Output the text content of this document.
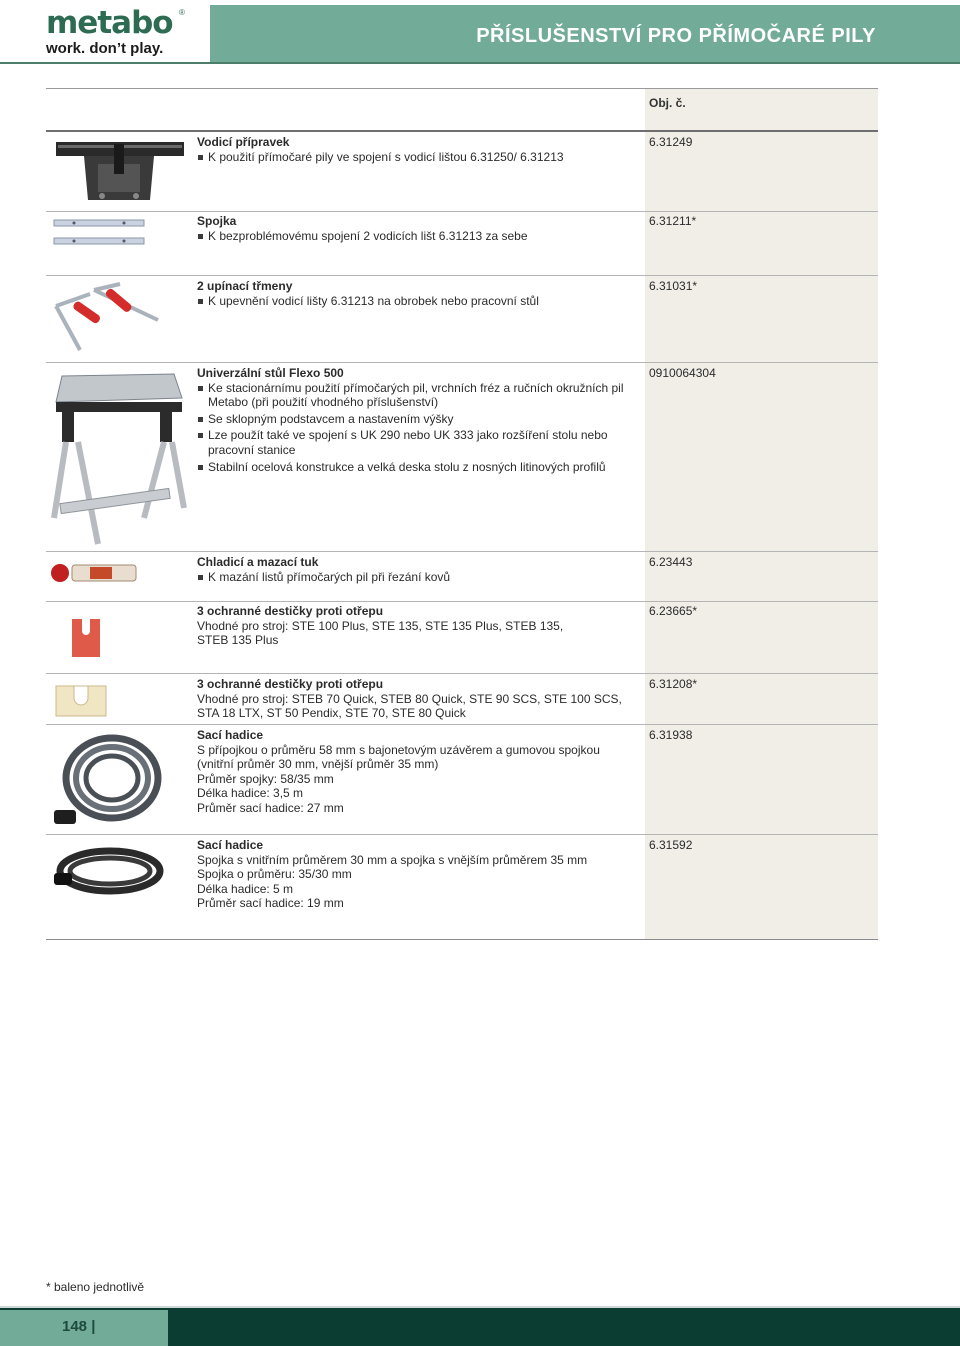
metabo ®
work. don’t play.
PŘÍSLUŠENSTVÍ PRO PŘÍMOČARÉ PILY
Obj. č.
Vodicí přípravek
K použití přímočaré pily ve spojení s vodicí lištou 6.31250/ 6.31213
6.31249
Spojka
K bezproblémovému spojení 2 vodicích lišt 6.31213 za sebe
6.31211*
2 upínací třmeny
K upevnění vodicí lišty 6.31213 na obrobek nebo pracovní stůl
6.31031*
Univerzální stůl Flexo 500
Ke stacionárnímu použití přímočarých pil, vrchních fréz a ručních okružních pil Metabo (při použití vhodného příslušenství)
Se sklopným podstavcem a nastavením výšky
Lze použít také ve spojení s UK 290 nebo UK 333 jako rozšíření stolu nebo pracovní stanice
Stabilní ocelová konstrukce a velká deska stolu z nosných litinových profilů
0910064304
Chladicí a mazací tuk
K mazání listů přímočarých pil při řezání kovů
6.23443
3 ochranné destičky proti otřepu
Vhodné pro stroj: STE 100 Plus, STE 135, STE 135 Plus, STEB 135,
STEB 135 Plus
6.23665*
3 ochranné destičky proti otřepu
Vhodné pro stroj: STEB 70 Quick, STEB 80 Quick, STE 90 SCS, STE 100 SCS,
STA 18 LTX, ST 50 Pendix, STE 70, STE 80 Quick
6.31208*
Sací hadice
S přípojkou o průměru 58 mm s bajonetovým uzávěrem a gumovou spojkou
(vnitřní průměr 30 mm, vnější průměr 35 mm)
Průměr spojky: 58/35 mm
Délka hadice: 3,5 m
Průměr sací hadice: 27 mm
6.31938
Sací hadice
Spojka s vnitřním průměrem 30 mm a spojka s vnějším průměrem 35 mm
Spojka o průměru: 35/30 mm
Délka hadice: 5 m
Průměr sací hadice: 19 mm
6.31592
* baleno jednotlivě
148 |
